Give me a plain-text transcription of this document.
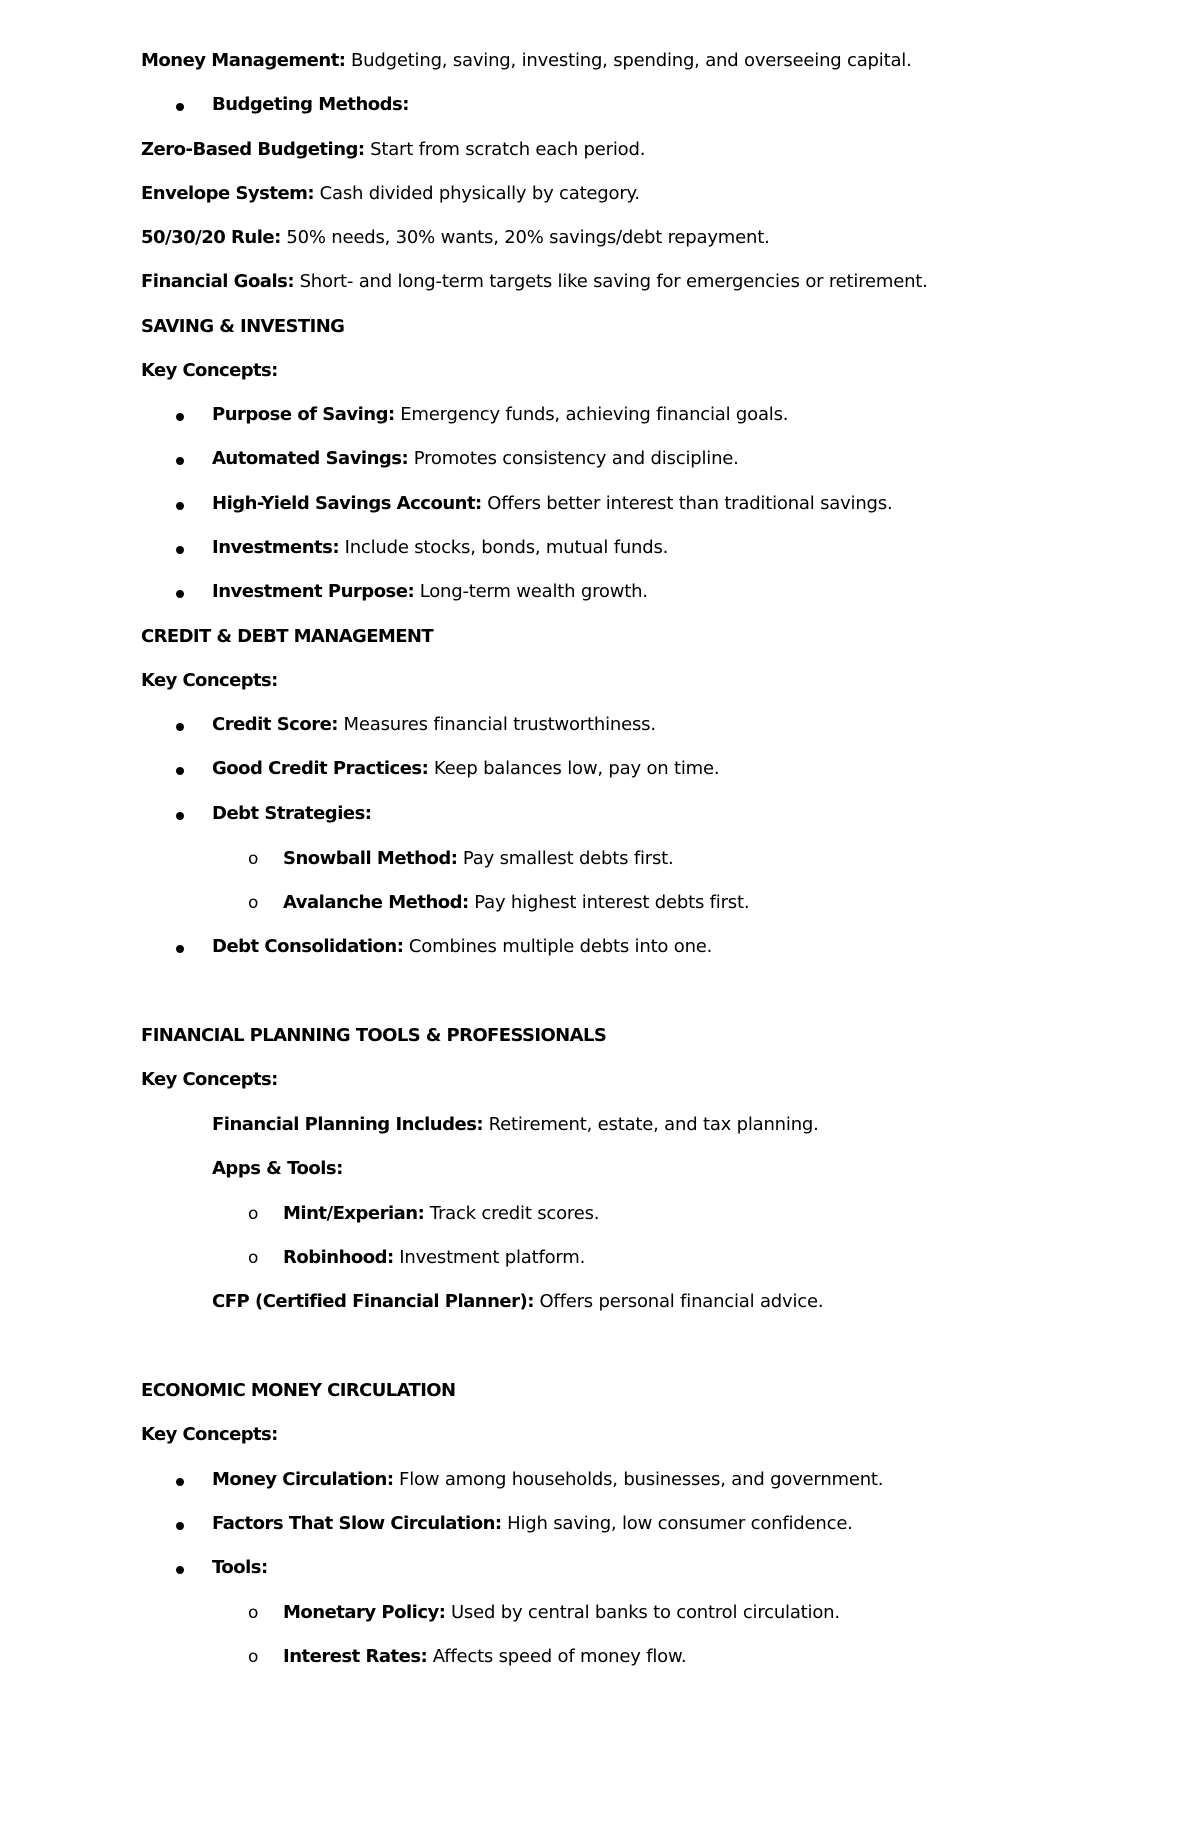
Money Management: Budgeting, saving, investing, spending, and overseeing capital.
Budgeting Methods:
Zero-Based Budgeting: Start from scratch each period.
Envelope System: Cash divided physically by category.
50/30/20 Rule: 50% needs, 30% wants, 20% savings/debt repayment.
Financial Goals: Short- and long-term targets like saving for emergencies or retirement.
SAVING & INVESTING
Key Concepts:
Purpose of Saving: Emergency funds, achieving financial goals.
Automated Savings: Promotes consistency and discipline.
High-Yield Savings Account: Offers better interest than traditional savings.
Investments: Include stocks, bonds, mutual funds.
Investment Purpose: Long-term wealth growth.
CREDIT & DEBT MANAGEMENT
Key Concepts:
Credit Score: Measures financial trustworthiness.
Good Credit Practices: Keep balances low, pay on time.
Debt Strategies:
o Snowball Method: Pay smallest debts first.
o Avalanche Method: Pay highest interest debts first.
Debt Consolidation: Combines multiple debts into one.
FINANCIAL PLANNING TOOLS & PROFESSIONALS
Key Concepts:
Financial Planning Includes: Retirement, estate, and tax planning.
Apps & Tools:
o Mint/Experian: Track credit scores.
o Robinhood: Investment platform.
CFP (Certified Financial Planner): Offers personal financial advice.
ECONOMIC MONEY CIRCULATION
Key Concepts:
Money Circulation: Flow among households, businesses, and government.
Factors That Slow Circulation: High saving, low consumer confidence.
Tools:
o Monetary Policy: Used by central banks to control circulation.
o Interest Rates: Affects speed of money flow.
